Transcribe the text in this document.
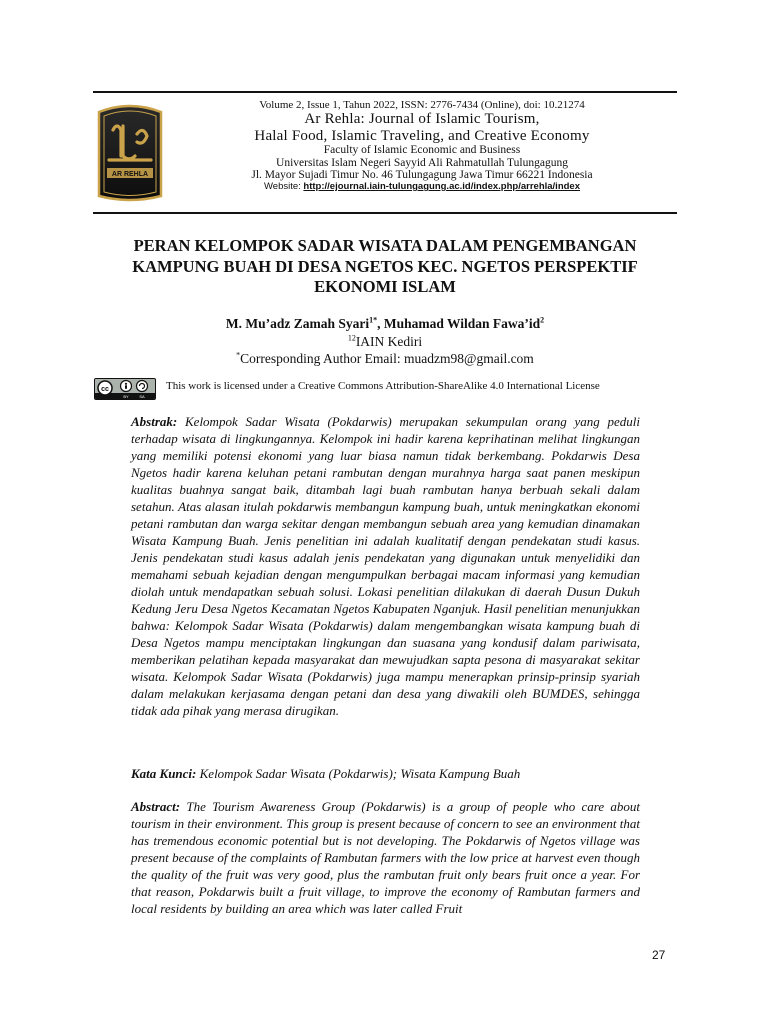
AR REHLA
Volume 2, Issue 1, Tahun 2022, ISSN: 2776-7434 (Online), doi: 10.21274
Ar Rehla: Journal of Islamic Tourism,
Halal Food, Islamic Traveling, and Creative Economy
Faculty of Islamic Economic and Business
Universitas Islam Negeri Sayyid Ali Rahmatullah Tulungagung
Jl. Mayor Sujadi Timur No. 46 Tulungagung Jawa Timur 66221 Indonesia
Website: http://ejournal.iain-tulungagung.ac.id/index.php/arrehla/index
PERAN KELOMPOK SADAR WISATA DALAM PENGEMBANGAN
KAMPUNG BUAH DI DESA NGETOS KEC. NGETOS PERSPEKTIF
EKONOMI ISLAM
M. Mu’adz Zamah Syari$^{1*}$, Muhamad Wildan $Fawa’id^2$
$^{12}$IAIN Kediri
*Corresponding Author Email: muadzm98@gmail.com
cc
BY	SA
This work is licensed under a Creative Commons Attribution-ShareAlike 4.0 International License

Abstrak: Kelompok Sadar Wisata (Pokdarwis) merupakan sekumpulan orang yang peduli terhadap wisata di lingkungannya. Kelompok ini hadir karena keprihatinan melihat lingkungan yang memiliki potensi ekonomi yang luar biasa namun tidak berkembang. Pokdarwis Desa Ngetos hadir karena keluhan petani rambutan dengan murahnya harga saat panen meskipun kualitas buahnya sangat baik, ditambah lagi buah rambutan hanya berbuah sekali dalam setahun. Atas alasan itulah pokdarwis membangun kampung buah, untuk meningkatkan ekonomi petani rambutan dan warga sekitar dengan membangun sebuah area yang kemudian dinamakan Wisata Kampung Buah. Jenis penelitian ini adalah kualitatif dengan pendekatan studi kasus. Jenis pendekatan studi kasus adalah jenis pendekatan yang digunakan untuk menyelidiki dan memahami sebuah kejadian dengan mengumpulkan berbagai macam informasi yang kemudian diolah untuk mendapatkan sebuah solusi. Lokasi penelitian dilakukan di daerah Dusun Dukuh Kedung Jeru Desa Ngetos Kecamatan Ngetos Kabupaten Nganjuk. Hasil penelitian menunjukkan bahwa: Kelompok Sadar Wisata (Pokdarwis) dalam mengembangkan wisata kampung buah di Desa Ngetos mampu menciptakan lingkungan dan suasana yang kondusif dalam pariwisata, memberikan pelatihan kepada masyarakat dan mewujudkan sapta pesona di masyarakat sekitar wisata. Kelompok Sadar Wisata (Pokdarwis) juga mampu menerapkan prinsip-prinsip syariah dalam melakukan kerjasama dengan petani dan desa yang diwakili oleh BUMDES, sehingga tidak ada pihak yang merasa dirugikan.

Kata Kunci: Kelompok Sadar Wisata (Pokdarwis); Wisata Kampung Buah

Abstract: The Tourism Awareness Group (Pokdarwis) is a group of people who care about tourism in their environment. This group is present because of concern to see an environment that has tremendous economic potential but is not developing. The Pokdarwis of Ngetos village was present because of the complaints of Rambutan farmers with the low price at harvest even though the quality of the fruit was very good, plus the rambutan fruit only bears fruit once a year. For that reason, Pokdarwis built a fruit village, to improve the economy of Rambutan farmers and local residents by building an area which was later called Fruit

27
